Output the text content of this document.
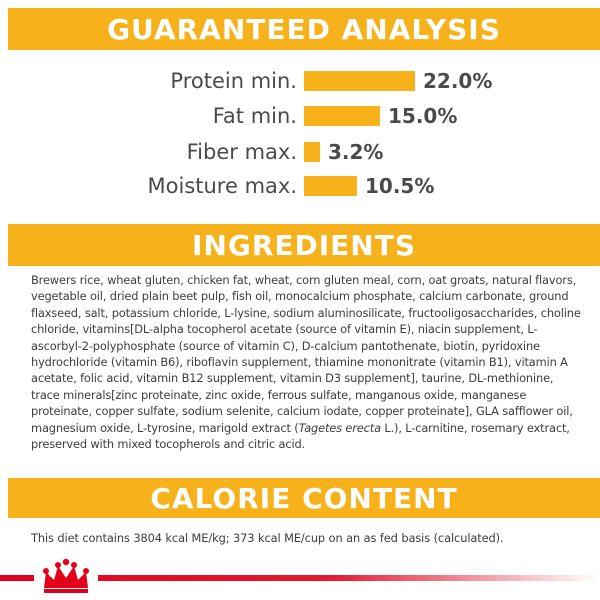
GUARANTEED ANALYSIS
Protein min.	22.0%
Fat min.	15.0%
Fiber max. 3.2%
Moisture max.	10.5%
INGREDIENTS

Brewers rice, wheat gluten, chicken fat, wheat, corn gluten meal, corn, oat groats, natural flavors, vegetable oil, dried plain beet pulp, fish oil, monocalcium phosphate, calcium carbonate, ground flaxseed, salt, potassium chloride, L-lysine, sodium aluminosilicate, fructooligosaccharides, choline chloride, vitamins[DL-alpha tocopherol acetate (source of vitamin E), niacin supplement, L-ascorbyl-2-polyphosphate (source of vitamin C), D-calcium pantothenate, biotin, pyridoxine hydrochloride (vitamin B6), riboflavin supplement, thiamine mononitrate (vitamin B1), vitamin A acetate, folic acid, vitamin B12 supplement, vitamin D3 supplement], taurine, DL-methionine, trace minerals[zinc proteinate, zinc oxide, ferrous sulfate, manganous oxide, manganese proteinate, copper sulfate, sodium selenite, calcium iodate, copper proteinate], GLA safflower oil, magnesium oxide, L-tyrosine, marigold extract (Tagetes erecta L.), L-carnitine, rosemary extract, preserved with mixed tocopherols and citric acid.

CALORIE CONTENT

This diet contains 3804 kcal ME/kg; 373 kcal ME/cup on an as fed basis (calculated).
